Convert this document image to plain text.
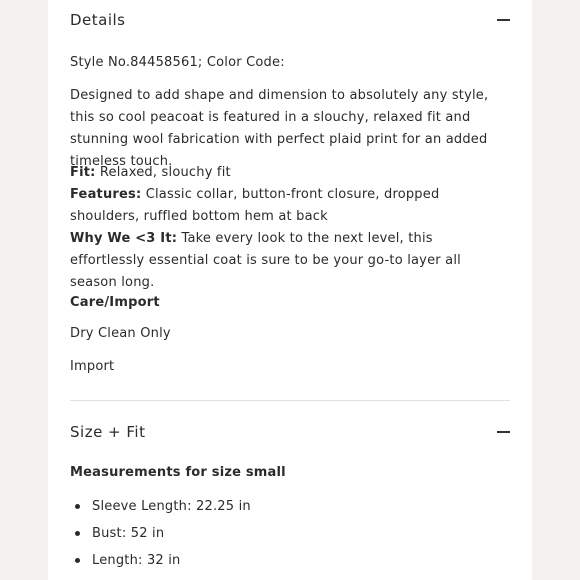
Details
Style No.84458561; Color Code:
Designed to add shape and dimension to absolutely any style, this so cool peacoat is featured in a slouchy, relaxed fit and stunning wool fabrication with perfect plaid print for an added timeless touch.
Fit: Relaxed, slouchy fit
Features: Classic collar, button-front closure, dropped shoulders, ruffled bottom hem at back
Why We <3 It: Take every look to the next level, this effortlessly essential coat is sure to be your go-to layer all season long.
Care/Import
Dry Clean Only
Import
Size + Fit
Measurements for size small
Sleeve Length: 22.25 in
Bust: 52 in
Length: 32 in
